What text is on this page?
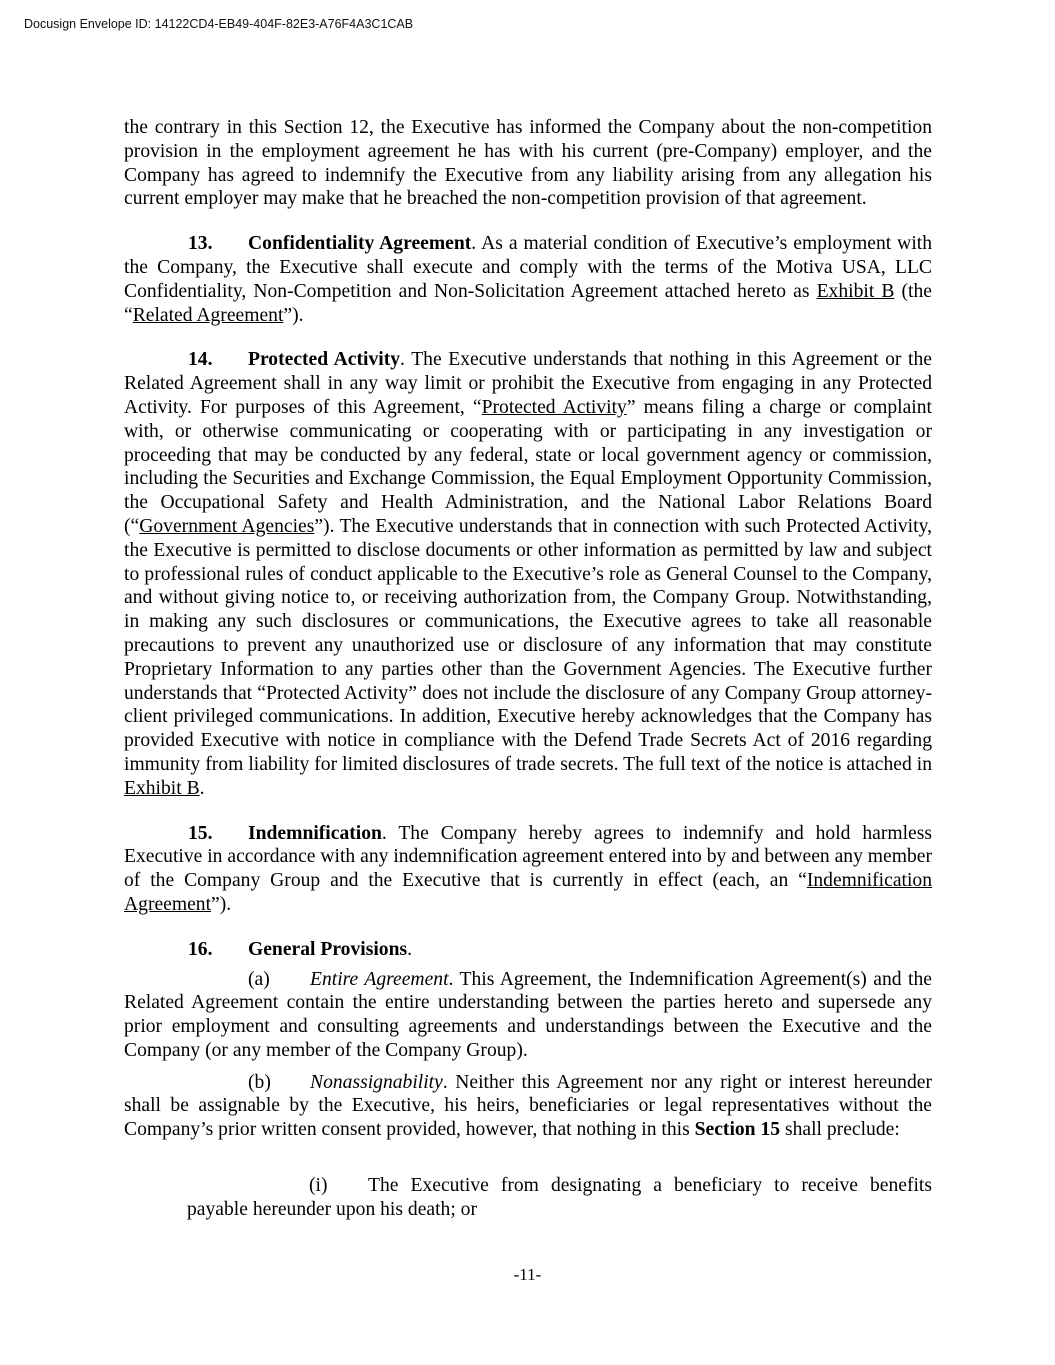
Docusign Envelope ID: 14122CD4-EB49-404F-82E3-A76F4A3C1CAB

the contrary in this Section 12, the Executive has informed the Company about the non-competition provision in the employment agreement he has with his current (pre-Company) employer, and the Company has agreed to indemnify the Executive from any liability arising from any allegation his current employer may make that he breached the non-competition provision of that agreement.

13. Confidentiality Agreement. As a material condition of Executive’s employment with the Company, the Executive shall execute and comply with the terms of the Motiva USA, LLC Confidentiality, Non-Competition and Non-Solicitation Agreement attached hereto as Exhibit B (the “Related Agreement”).

14. Protected Activity. The Executive understands that nothing in this Agreement or the Related Agreement shall in any way limit or prohibit the Executive from engaging in any Protected Activity. For purposes of this Agreement, “Protected Activity” means filing a charge or complaint with, or otherwise communicating or cooperating with or participating in any investigation or proceeding that may be conducted by any federal, state or local government agency or commission, including the Securities and Exchange Commission, the Equal Employment Opportunity Commission, the Occupational Safety and Health Administration, and the National Labor Relations Board (“Government Agencies”). The Executive understands that in connection with such Protected Activity, the Executive is permitted to disclose documents or other information as permitted by law and subject to professional rules of conduct applicable to the Executive’s role as General Counsel to the Company, and without giving notice to, or receiving authorization from, the Company Group. Notwithstanding, in making any such disclosures or communications, the Executive agrees to take all reasonable precautions to prevent any unauthorized use or disclosure of any information that may constitute Proprietary Information to any parties other than the Government Agencies. The Executive further understands that “Protected Activity” does not include the disclosure of any Company Group attorney-client privileged communications. In addition, Executive hereby acknowledges that the Company has provided Executive with notice in compliance with the Defend Trade Secrets Act of 2016 regarding immunity from liability for limited disclosures of trade secrets. The full text of the notice is attached in Exhibit B.

15. Indemnification. The Company hereby agrees to indemnify and hold harmless Executive in accordance with any indemnification agreement entered into by and between any member of the Company Group and the Executive that is currently in effect (each, an “Indemnification Agreement”).

16. General Provisions.

(a) Entire Agreement. This Agreement, the Indemnification Agreement(s) and the Related Agreement contain the entire understanding between the parties hereto and supersede any prior employment and consulting agreements and understandings between the Executive and the Company (or any member of the Company Group).

(b) Nonassignability. Neither this Agreement nor any right or interest hereunder shall be assignable by the Executive, his heirs, beneficiaries or legal representatives without the Company’s prior written consent provided, however, that nothing in this Section 15 shall preclude:

(i) The Executive from designating a beneficiary to receive benefits payable hereunder upon his death; or

-11-
